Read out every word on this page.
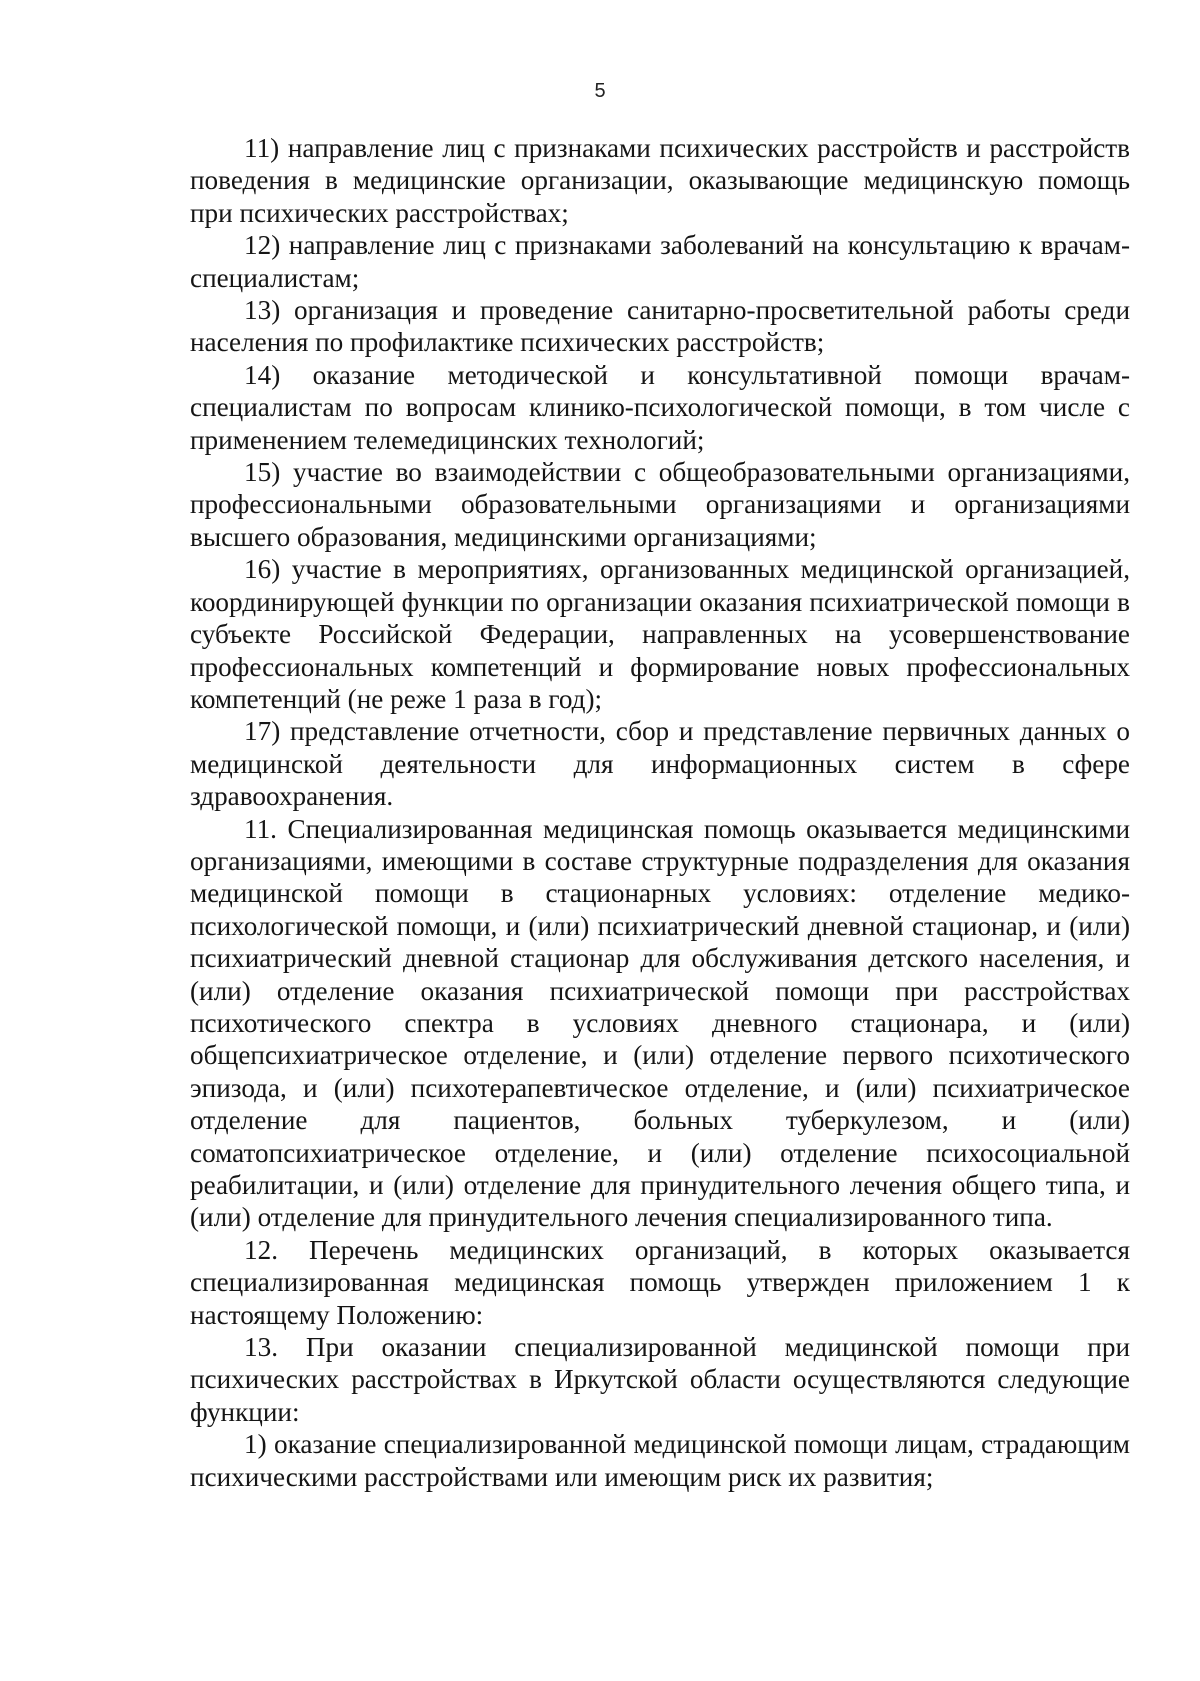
5

11) направление лиц с признаками психических расстройств и расстройств поведения в медицинские организации, оказывающие медицинскую помощь при психических расстройствах;

12) направление лиц с признаками заболеваний на консультацию к врачам-специалистам;

13) организация и проведение санитарно-просветительной работы среди населения по профилактике психических расстройств;

14) оказание методической и консультативной помощи врачам-специалистам по вопросам клинико-психологической помощи, в том числе с применением телемедицинских технологий;

15) участие во взаимодействии с общеобразовательными организациями, профессиональными образовательными организациями и организациями высшего образования, медицинскими организациями;

16) участие в мероприятиях, организованных медицинской организацией, координирующей функции по организации оказания психиатрической помощи в субъекте Российской Федерации, направленных на усовершенствование профессиональных компетенций и формирование новых профессиональных компетенций (не реже 1 раза в год);

17) представление отчетности, сбор и представление первичных данных о медицинской деятельности для информационных систем в сфере здравоохранения.

11. Специализированная медицинская помощь оказывается медицинскими организациями, имеющими в составе структурные подразделения для оказания медицинской помощи в стационарных условиях: отделение медико-психологической помощи, и (или) психиатрический дневной стационар, и (или) психиатрический дневной стационар для обслуживания детского населения, и (или) отделение оказания психиатрической помощи при расстройствах психотического спектра в условиях дневного стационара, и (или) общепсихиатрическое отделение, и (или) отделение первого психотического эпизода, и (или) психотерапевтическое отделение, и (или) психиатрическое отделение для пациентов, больных туберкулезом, и (или) соматопсихиатрическое отделение, и (или) отделение психосоциальной реабилитации, и (или) отделение для принудительного лечения общего типа, и (или) отделение для принудительного лечения специализированного типа.

12. Перечень медицинских организаций, в которых оказывается специализированная медицинская помощь утвержден приложением 1 к настоящему Положению:

13. При оказании специализированной медицинской помощи при психических расстройствах в Иркутской области осуществляются следующие функции:

1) оказание специализированной медицинской помощи лицам, страдающим психическими расстройствами или имеющим риск их развития;
